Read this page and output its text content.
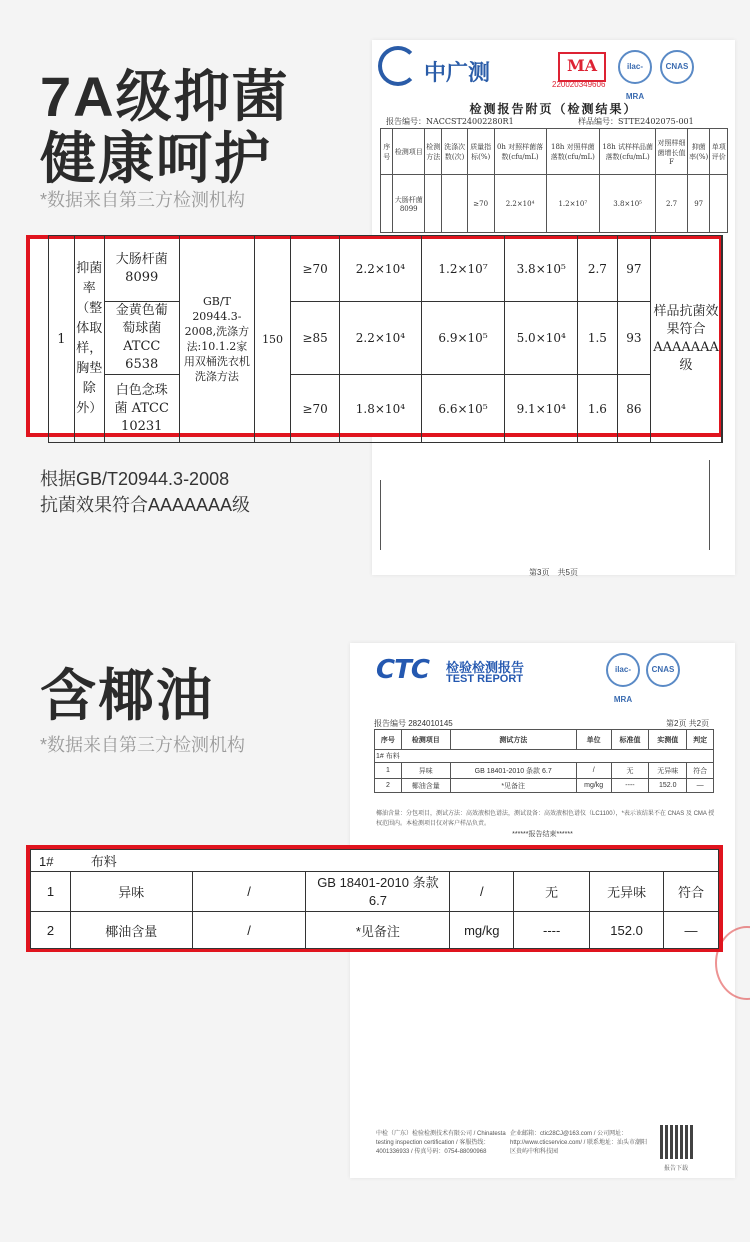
7A级抑菌
健康呵护
*数据来自第三方检测机构
中广测	MA
220020349606
ilac-MRA
CNAS
检测报告附页（检测结果）
报告编号：NACCST24002280R1	样品编号：STTE2402075-001
序号	检测项目	检测方法	洗涤次数(次)	质量指标(%)	0h 对照样菌落数(cfu/mL)	18h 对照样菌落数(cfu/mL)	18h 试样样品菌落数(cfu/mL)	对照样细菌增长值F	抑菌率(%)	单项评价
	大肠杆菌 8099			≥70	2.2×10⁴	1.2×10⁷	3.8×10⁵	2.7	97	
第3页　共5页
1	抑菌率（整体取样，胸垫除外）	大肠杆菌 8099	GB/T 20944.3-2008,洗涤方法:10.1.2家用双桶洗衣机洗涤方法	150	≥70	2.2×10⁴	1.2×10⁷	3.8×10⁵	2.7	97	样品抗菌效果符合AAAAAAA级	
		金黄色葡萄球菌 ATCC 6538			≥85	2.2×10⁴	6.9×10⁵	5.0×10⁴	1.5	93		
		白色念珠菌 ATCC 10231			≥70	1.8×10⁴	6.6×10⁵	9.1×10⁴	1.6	86		
根据GB/T20944.3-2008
抗菌效果符合AAAAAAA级
含椰油
*数据来自第三方检测机构
CTC 检验检测报告
TEST REPORT
ilac-MRA
CNAS
报告编号 2824010145	第2页 共2页
序号	检测项目	测试方法	单位	标准值	实测值	判定
1# 布料						
1	异味	GB 18401-2010 条款 6.7	/	无	无异味	符合
2	椰油含量	*见备注	mg/kg	----	152.0	—
椰油含量：分包项目，测试方法：高效液相色谱法，测试设备：高效液相色谱仪（LC1100），*表示该结果不在 CNAS 及 CMA 授权范围内。本检测项目仅对客户样品负责。
******报告结束******
中检（广东）检验检测技术有限公司 / Chinatesta testing inspection certification / 客服热线：4001336933 / 传真号码：0754-88090968
企业邮箱：ctic28CJ@163.com / 公司网址：http://www.cticservice.com/ / 联系地址：汕头市潮阳区贵屿中和科技园
报告下载
1# 布料							
1	异味	/	GB 18401-2010 条款 6.7	/	无	无异味	符合
2	椰油含量	/	*见备注	mg/kg	----	152.0	—
